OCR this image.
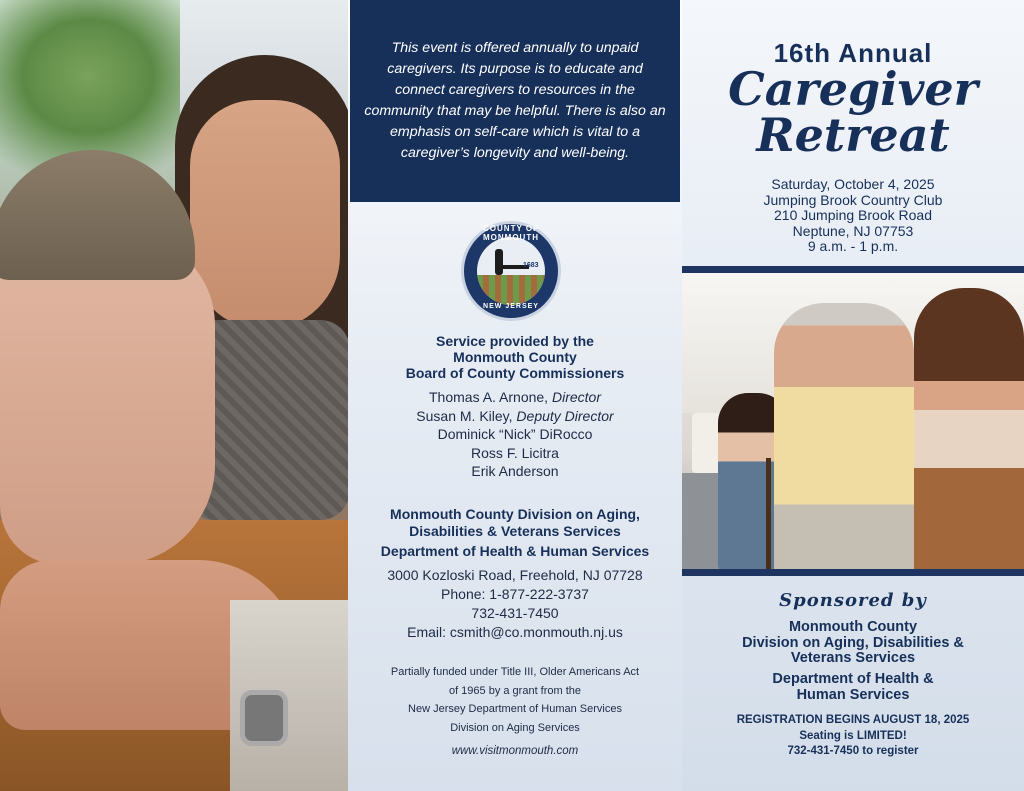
This event is offered annually to unpaid caregivers. Its purpose is to educate and connect caregivers to resources in the community that may be helpful. There is also an emphasis on self-care which is vital to a caregiver’s longevity and well-being.

COUNTY OF MONMOUTH
1683
NEW JERSEY
Service provided by the
Monmouth County
Board of County Commissioners
Thomas A. Arnone, Director
Susan M. Kiley, Deputy Director
Dominick “Nick” DiRocco
Ross F. Licitra
Erik Anderson
Monmouth County Division on Aging,
Disabilities & Veterans Services
Department of Health & Human Services
3000 Kozloski Road, Freehold, NJ 07728
Phone: 1-877-222-3737
732-431-7450
Email: csmith@co.monmouth.nj.us
Partially funded under Title III, Older Americans Act
of 1965 by a grant from the
New Jersey Department of Human Services
Division on Aging Services
www.visitmonmouth.com
16th Annual
Caregiver
Retreat
Saturday, October 4, 2025
Jumping Brook Country Club
210 Jumping Brook Road
Neptune, NJ 07753
9 a.m. - 1 p.m.
Sponsored by
Monmouth County
Division on Aging, Disabilities &
Veterans Services
Department of Health &
Human Services
REGISTRATION BEGINS AUGUST 18, 2025
Seating is LIMITED!
732-431-7450 to register
